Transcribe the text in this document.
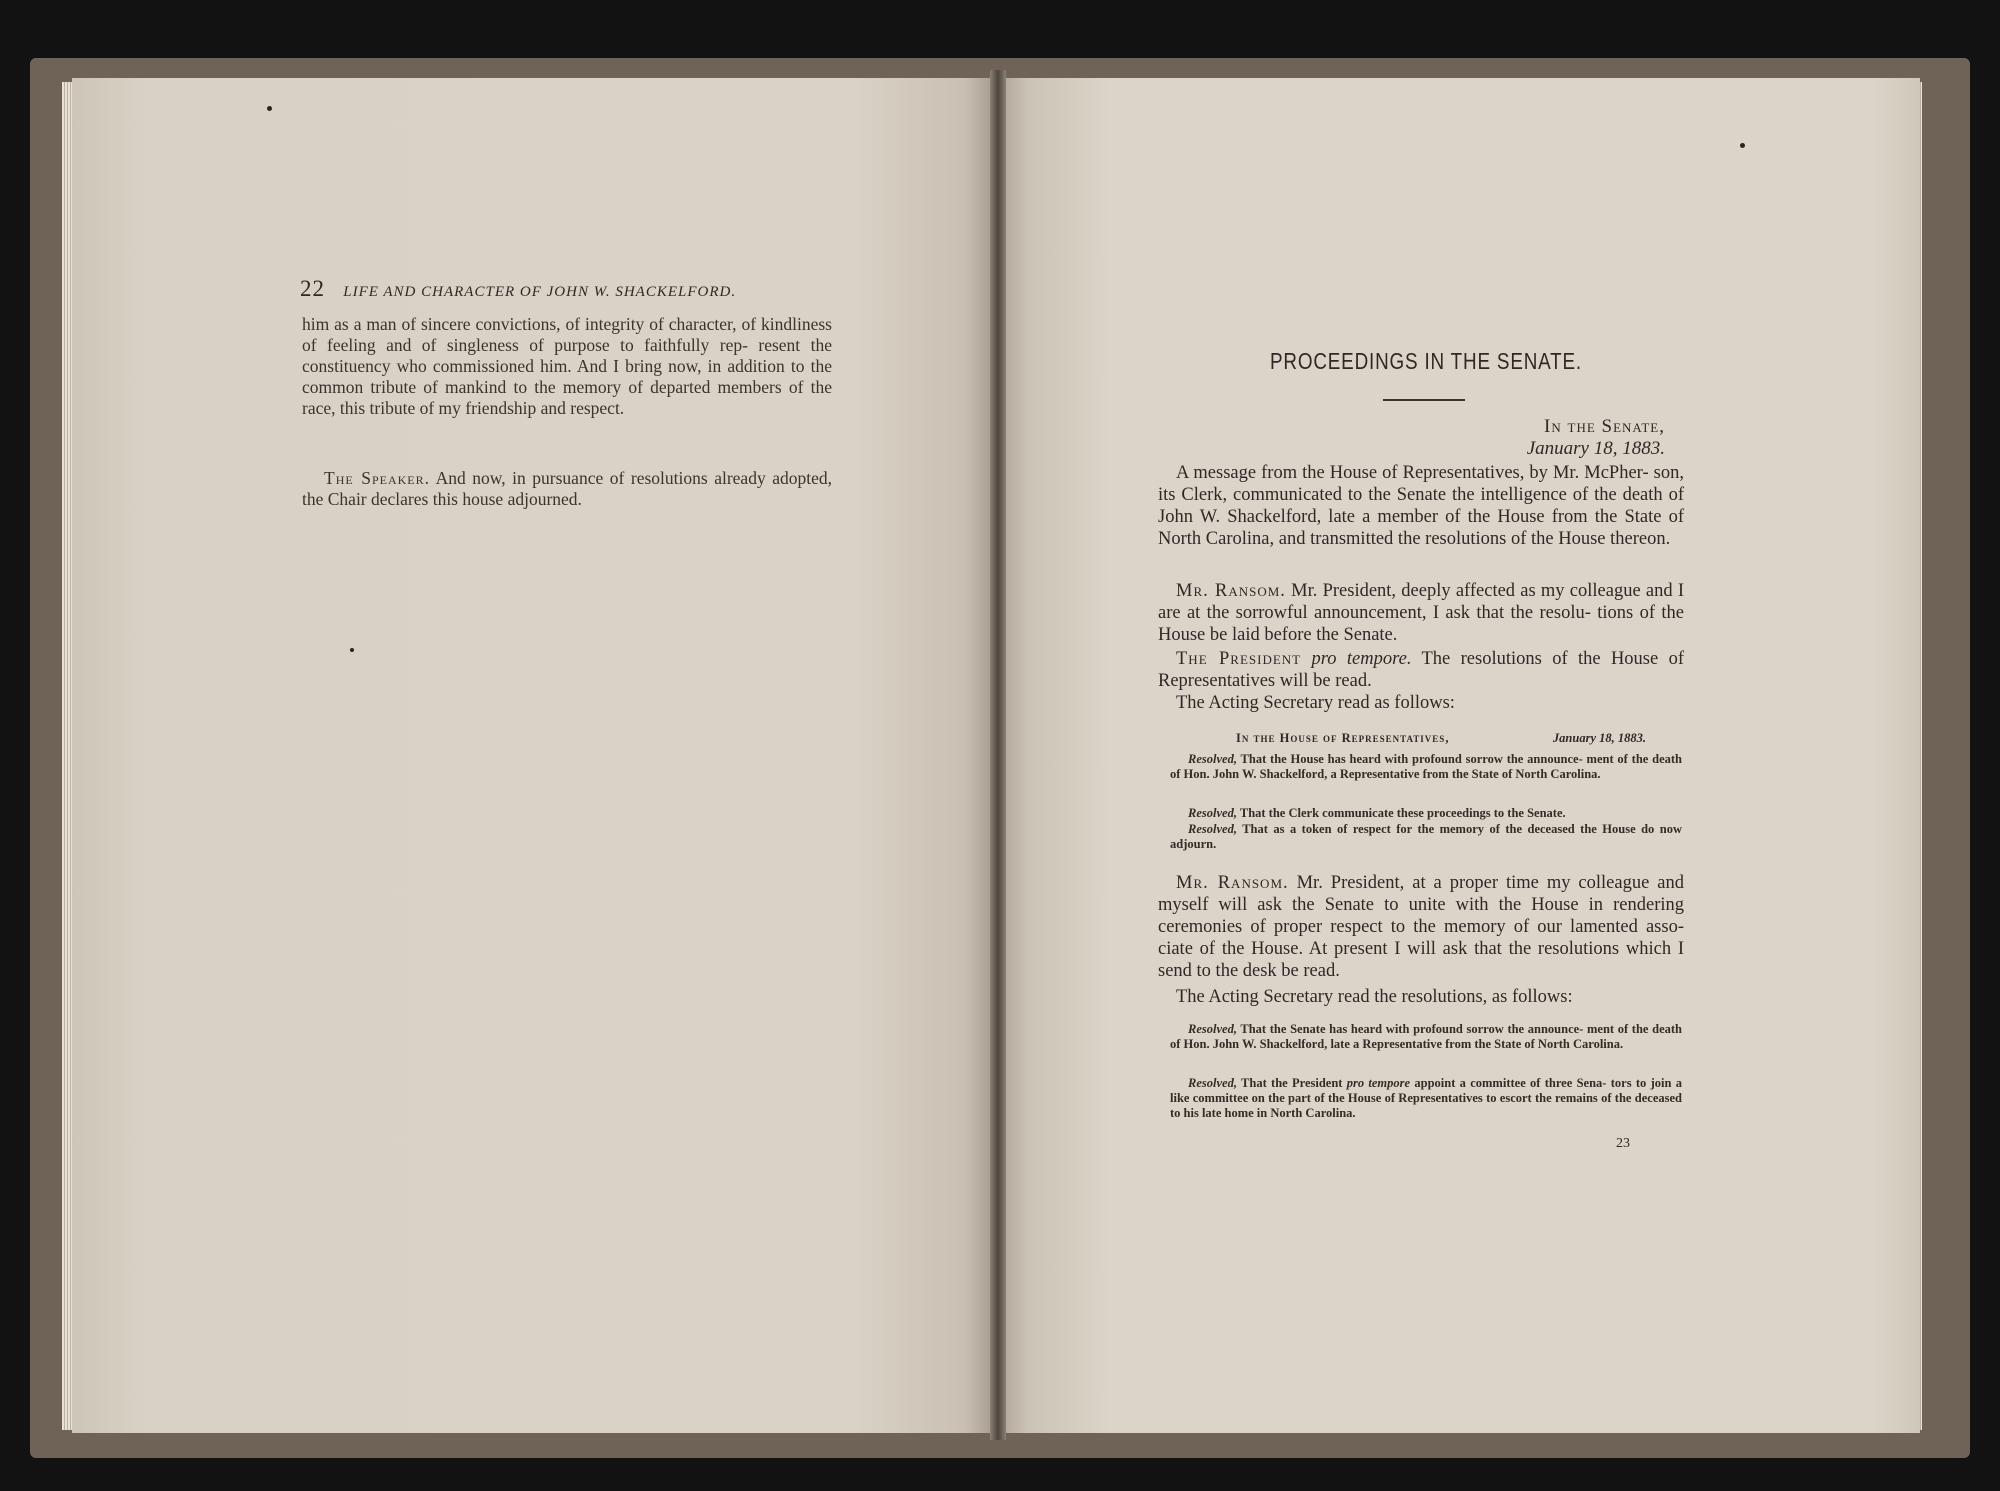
22 LIFE AND CHARACTER OF JOHN W. SHACKELFORD.

him as a man of sincere convictions, of integrity of character, of kindliness of feeling and of singleness of purpose to faithfully rep- resent the constituency who commissioned him. And I bring now, in addition to the common tribute of mankind to the memory of departed members of the race, this tribute of my friendship and respect.

The Speaker. And now, in pursuance of resolutions already adopted, the Chair declares this house adjourned.

PROCEEDINGS IN THE SENATE.
In the Senate,
January 18, 1883.

A message from the House of Representatives, by Mr. McPher- son, its Clerk, communicated to the Senate the intelligence of the death of John W. Shackelford, late a member of the House from the State of North Carolina, and transmitted the resolutions of the House thereon.

Mr. Ransom. Mr. President, deeply affected as my colleague and I are at the sorrowful announcement, I ask that the resolu- tions of the House be laid before the Senate.

The President pro tempore. The resolutions of the House of Representatives will be read.

The Acting Secretary read as follows:

In the House of Representatives,	January 18, 1883.

Resolved, That the House has heard with profound sorrow the announce- ment of the death of Hon. John W. Shackelford, a Representative from the State of North Carolina.

Resolved, That the Clerk communicate these proceedings to the Senate.

Resolved, That as a token of respect for the memory of the deceased the House do now adjourn.

Mr. Ransom. Mr. President, at a proper time my colleague and myself will ask the Senate to unite with the House in rendering ceremonies of proper respect to the memory of our lamented asso- ciate of the House. At present I will ask that the resolutions which I send to the desk be read.

The Acting Secretary read the resolutions, as follows:

Resolved, That the Senate has heard with profound sorrow the announce- ment of the death of Hon. John W. Shackelford, late a Representative from the State of North Carolina.

Resolved, That the President pro tempore appoint a committee of three Sena- tors to join a like committee on the part of the House of Representatives to escort the remains of the deceased to his late home in North Carolina.

23
